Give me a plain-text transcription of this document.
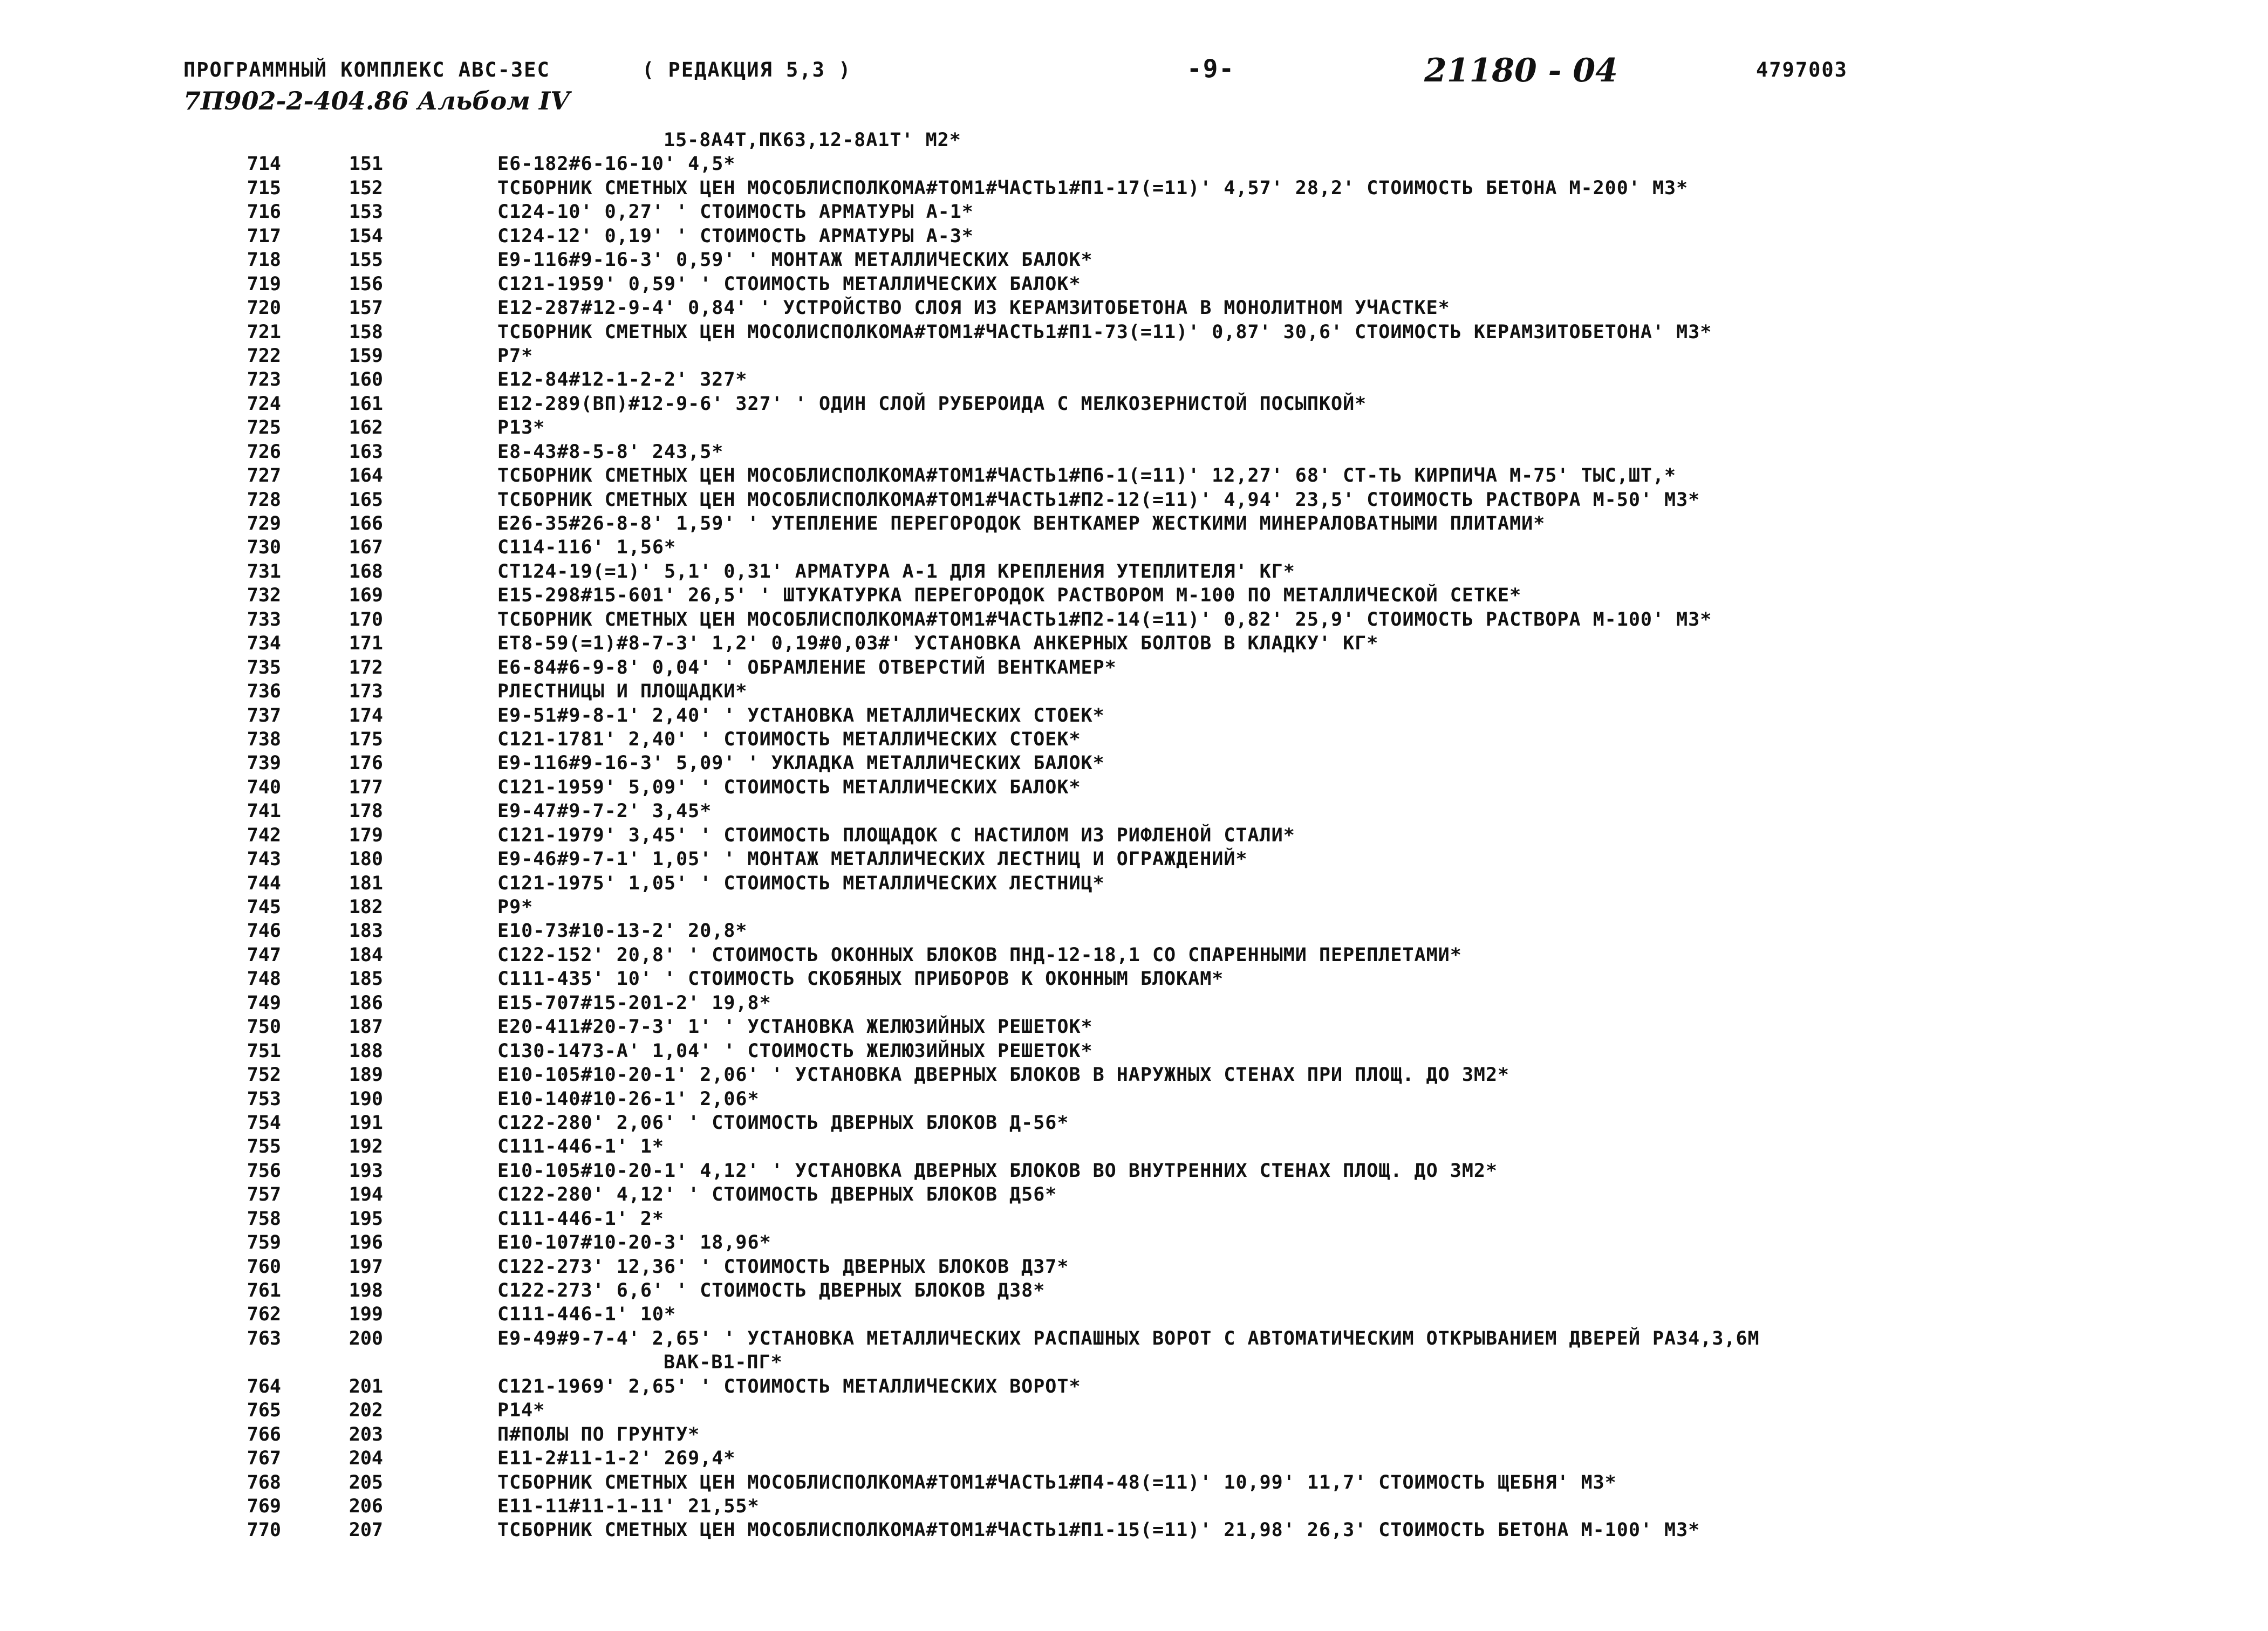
ПРОГРАММНЫЙ КОМПЛЕКС АВС-ЗЕС	( РЕДАКЦИЯ 5,3 )	-9-	21180 - 04	4797003
7П902-2-404.86 Альбом IV
15-8А4Т,ПК63,12-8А1Т' М2*
714	151	Е6-182#6-16-10' 4,5*
715	152	ТСБОРНИК СМЕТНЫХ ЦЕН МОСОБЛИСПОЛКОМА#ТОМ1#ЧАСТЬ1#П1-17(=11)' 4,57' 28,2' СТОИМОСТЬ БЕТОНА М-200' М3*
716	153	С124-10' 0,27' ' СТОИМОСТЬ АРМАТУРЫ А-1*
717	154	С124-12' 0,19' ' СТОИМОСТЬ АРМАТУРЫ А-3*
718	155	Е9-116#9-16-3' 0,59' ' МОНТАЖ МЕТАЛЛИЧЕСКИХ БАЛОК*
719	156	С121-1959' 0,59' ' СТОИМОСТЬ МЕТАЛЛИЧЕСКИХ БАЛОК*
720	157	Е12-287#12-9-4' 0,84' ' УСТРОЙСТВО СЛОЯ ИЗ КЕРАМЗИТОБЕТОНА В МОНОЛИТНОМ УЧАСТКЕ*
721	158	ТСБОРНИК СМЕТНЫХ ЦЕН МОСОЛИСПОЛКОМА#ТОМ1#ЧАСТЬ1#П1-73(=11)' 0,87' 30,6' СТОИМОСТЬ КЕРАМЗИТОБЕТОНА' М3*
722	159	Р7*
723	160	Е12-84#12-1-2-2' 327*
724	161	Е12-289(ВП)#12-9-6' 327' ' ОДИН СЛОЙ РУБЕРОИДА С МЕЛКОЗЕРНИСТОЙ ПОСЫПКОЙ*
725	162	Р13*
726	163	Е8-43#8-5-8' 243,5*
727	164	ТСБОРНИК СМЕТНЫХ ЦЕН МОСОБЛИСПОЛКОМА#ТОМ1#ЧАСТЬ1#П6-1(=11)' 12,27' 68' СТ-ТЬ КИРПИЧА М-75' ТЫС,ШТ,*
728	165	ТСБОРНИК СМЕТНЫХ ЦЕН МОСОБЛИСПОЛКОМА#ТОМ1#ЧАСТЬ1#П2-12(=11)' 4,94' 23,5' СТОИМОСТЬ РАСТВОРА М-50' М3*
729	166	Е26-35#26-8-8' 1,59' ' УТЕПЛЕНИЕ ПЕРЕГОРОДОК ВЕНТКАМЕР ЖЕСТКИМИ МИНЕРАЛОВАТНЫМИ ПЛИТАМИ*
730	167	С114-116' 1,56*
731	168	СТ124-19(=1)' 5,1' 0,31' АРМАТУРА А-1 ДЛЯ КРЕПЛЕНИЯ УТЕПЛИТЕЛЯ' КГ*
732	169	Е15-298#15-601' 26,5' ' ШТУКАТУРКА ПЕРЕГОРОДОК РАСТВОРОМ М-100 ПО МЕТАЛЛИЧЕСКОЙ СЕТКЕ*
733	170	ТСБОРНИК СМЕТНЫХ ЦЕН МОСОБЛИСПОЛКОМА#ТОМ1#ЧАСТЬ1#П2-14(=11)' 0,82' 25,9' СТОИМОСТЬ РАСТВОРА М-100' М3*
734	171	ЕТ8-59(=1)#8-7-3' 1,2' 0,19#0,03#' УСТАНОВКА АНКЕРНЫХ БОЛТОВ В КЛАДКУ' КГ*
735	172	Е6-84#6-9-8' 0,04' ' ОБРАМЛЕНИЕ ОТВЕРСТИЙ ВЕНТКАМЕР*
736	173	РЛЕСТНИЦЫ И ПЛОЩАДКИ*
737	174	Е9-51#9-8-1' 2,40' ' УСТАНОВКА МЕТАЛЛИЧЕСКИХ СТОЕК*
738	175	С121-1781' 2,40' ' СТОИМОСТЬ МЕТАЛЛИЧЕСКИХ СТОЕК*
739	176	Е9-116#9-16-3' 5,09' ' УКЛАДКА МЕТАЛЛИЧЕСКИХ БАЛОК*
740	177	С121-1959' 5,09' ' СТОИМОСТЬ МЕТАЛЛИЧЕСКИХ БАЛОК*
741	178	Е9-47#9-7-2' 3,45*
742	179	С121-1979' 3,45' ' СТОИМОСТЬ ПЛОЩАДОК С НАСТИЛОМ ИЗ РИФЛЕНОЙ СТАЛИ*
743	180	Е9-46#9-7-1' 1,05' ' МОНТАЖ МЕТАЛЛИЧЕСКИХ ЛЕСТНИЦ И ОГРАЖДЕНИЙ*
744	181	С121-1975' 1,05' ' СТОИМОСТЬ МЕТАЛЛИЧЕСКИХ ЛЕСТНИЦ*
745	182	Р9*
746	183	Е10-73#10-13-2' 20,8*
747	184	С122-152' 20,8' ' СТОИМОСТЬ ОКОННЫХ БЛОКОВ ПНД-12-18,1 СО СПАРЕННЫМИ ПЕРЕПЛЕТАМИ*
748	185	С111-435' 10' ' СТОИМОСТЬ СКОБЯНЫХ ПРИБОРОВ К ОКОННЫМ БЛОКАМ*
749	186	Е15-707#15-201-2' 19,8*
750	187	Е20-411#20-7-3' 1' ' УСТАНОВКА ЖЕЛЮЗИЙНЫХ РЕШЕТОК*
751	188	С130-1473-А' 1,04' ' СТОИМОСТЬ ЖЕЛЮЗИЙНЫХ РЕШЕТОК*
752	189	Е10-105#10-20-1' 2,06' ' УСТАНОВКА ДВЕРНЫХ БЛОКОВ В НАРУЖНЫХ СТЕНАХ ПРИ ПЛОЩ. ДО 3М2*
753	190	Е10-140#10-26-1' 2,06*
754	191	С122-280' 2,06' ' СТОИМОСТЬ ДВЕРНЫХ БЛОКОВ Д-56*
755	192	С111-446-1' 1*
756	193	Е10-105#10-20-1' 4,12' ' УСТАНОВКА ДВЕРНЫХ БЛОКОВ ВО ВНУТРЕННИХ СТЕНАХ ПЛОЩ. ДО 3М2*
757	194	С122-280' 4,12' ' СТОИМОСТЬ ДВЕРНЫХ БЛОКОВ Д56*
758	195	С111-446-1' 2*
759	196	Е10-107#10-20-3' 18,96*
760	197	С122-273' 12,36' ' СТОИМОСТЬ ДВЕРНЫХ БЛОКОВ Д37*
761	198	С122-273' 6,6' ' СТОИМОСТЬ ДВЕРНЫХ БЛОКОВ Д38*
762	199	С111-446-1' 10*
763	200	Е9-49#9-7-4' 2,65' ' УСТАНОВКА МЕТАЛЛИЧЕСКИХ РАСПАШНЫХ ВОРОТ С АВТОМАТИЧЕСКИМ ОТКРЫВАНИЕМ ДВЕРЕЙ РАЗ4,3,6М
ВАК-В1-ПГ*
764	201	С121-1969' 2,65' ' СТОИМОСТЬ МЕТАЛЛИЧЕСКИХ ВОРОТ*
765	202	Р14*
766	203	П#ПОЛЫ ПО ГРУНТУ*
767	204	Е11-2#11-1-2' 269,4*
768	205	ТСБОРНИК СМЕТНЫХ ЦЕН МОСОБЛИСПОЛКОМА#ТОМ1#ЧАСТЬ1#П4-48(=11)' 10,99' 11,7' СТОИМОСТЬ ЩЕБНЯ' М3*
769	206	Е11-11#11-1-11' 21,55*
770	207	ТСБОРНИК СМЕТНЫХ ЦЕН МОСОБЛИСПОЛКОМА#ТОМ1#ЧАСТЬ1#П1-15(=11)' 21,98' 26,3' СТОИМОСТЬ БЕТОНА М-100' М3*
